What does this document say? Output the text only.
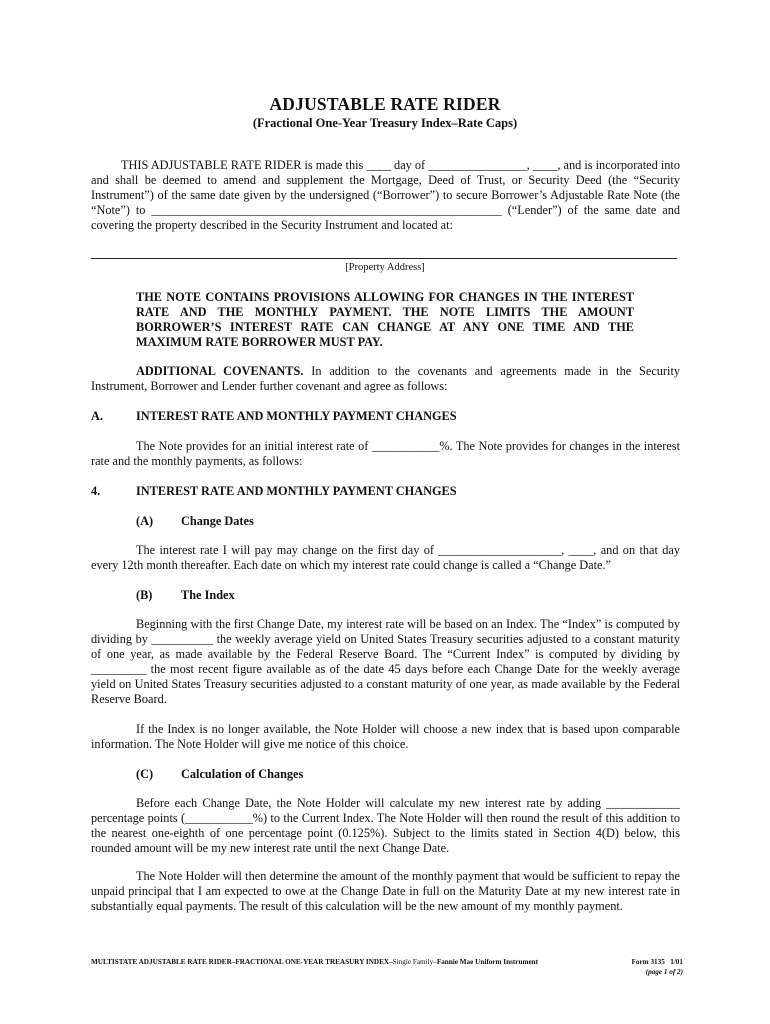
ADJUSTABLE RATE RIDER
(Fractional One-Year Treasury Index–Rate Caps)
THIS ADJUSTABLE RATE RIDER is made this ____ day of ________________, ____, and is incorporated into and shall be deemed to amend and supplement the Mortgage, Deed of Trust, or Security Deed (the “Security Instrument”) of the same date given by the undersigned (“Borrower”) to secure Borrower’s Adjustable Rate Note (the “Note”) to _________________________________________________________ (“Lender”) of the same date and covering the property described in the Security Instrument and located at:
[Property Address]
THE NOTE CONTAINS PROVISIONS ALLOWING FOR CHANGES IN THE INTEREST RATE AND THE MONTHLY PAYMENT. THE NOTE LIMITS THE AMOUNT BORROWER’S INTEREST RATE CAN CHANGE AT ANY ONE TIME AND THE MAXIMUM RATE BORROWER MUST PAY.
ADDITIONAL COVENANTS. In addition to the covenants and agreements made in the Security Instrument, Borrower and Lender further covenant and agree as follows:
A.	INTEREST RATE AND MONTHLY PAYMENT CHANGES
The Note provides for an initial interest rate of ___________%. The Note provides for changes in the interest rate and the monthly payments, as follows:
4.	INTEREST RATE AND MONTHLY PAYMENT CHANGES
(A) Change Dates
The interest rate I will pay may change on the first day of ____________________, ____, and on that day every 12th month thereafter. Each date on which my interest rate could change is called a “Change Date.”
(B) The Index
Beginning with the first Change Date, my interest rate will be based on an Index. The “Index” is computed by dividing by __________ the weekly average yield on United States Treasury securities adjusted to a constant maturity of one year, as made available by the Federal Reserve Board. The “Current Index” is computed by dividing by _________ the most recent figure available as of the date 45 days before each Change Date for the weekly average yield on United States Treasury securities adjusted to a constant maturity of one year, as made available by the Federal Reserve Board.
If the Index is no longer available, the Note Holder will choose a new index that is based upon comparable information. The Note Holder will give me notice of this choice.
(C) Calculation of Changes
Before each Change Date, the Note Holder will calculate my new interest rate by adding ____________ percentage points (___________%) to the Current Index. The Note Holder will then round the result of this addition to the nearest one-eighth of one percentage point (0.125%). Subject to the limits stated in Section 4(D) below, this rounded amount will be my new interest rate until the next Change Date.
The Note Holder will then determine the amount of the monthly payment that would be sufficient to repay the unpaid principal that I am expected to owe at the Change Date in full on the Maturity Date at my new interest rate in substantially equal payments. The result of this calculation will be the new amount of my monthly payment.
MULTISTATE ADJUSTABLE RATE RIDER–FRACTIONAL ONE-YEAR TREASURY INDEX–Single Family–Fannie Mae Uniform Instrument	Form 3135   1/01
(page 1 of 2)
